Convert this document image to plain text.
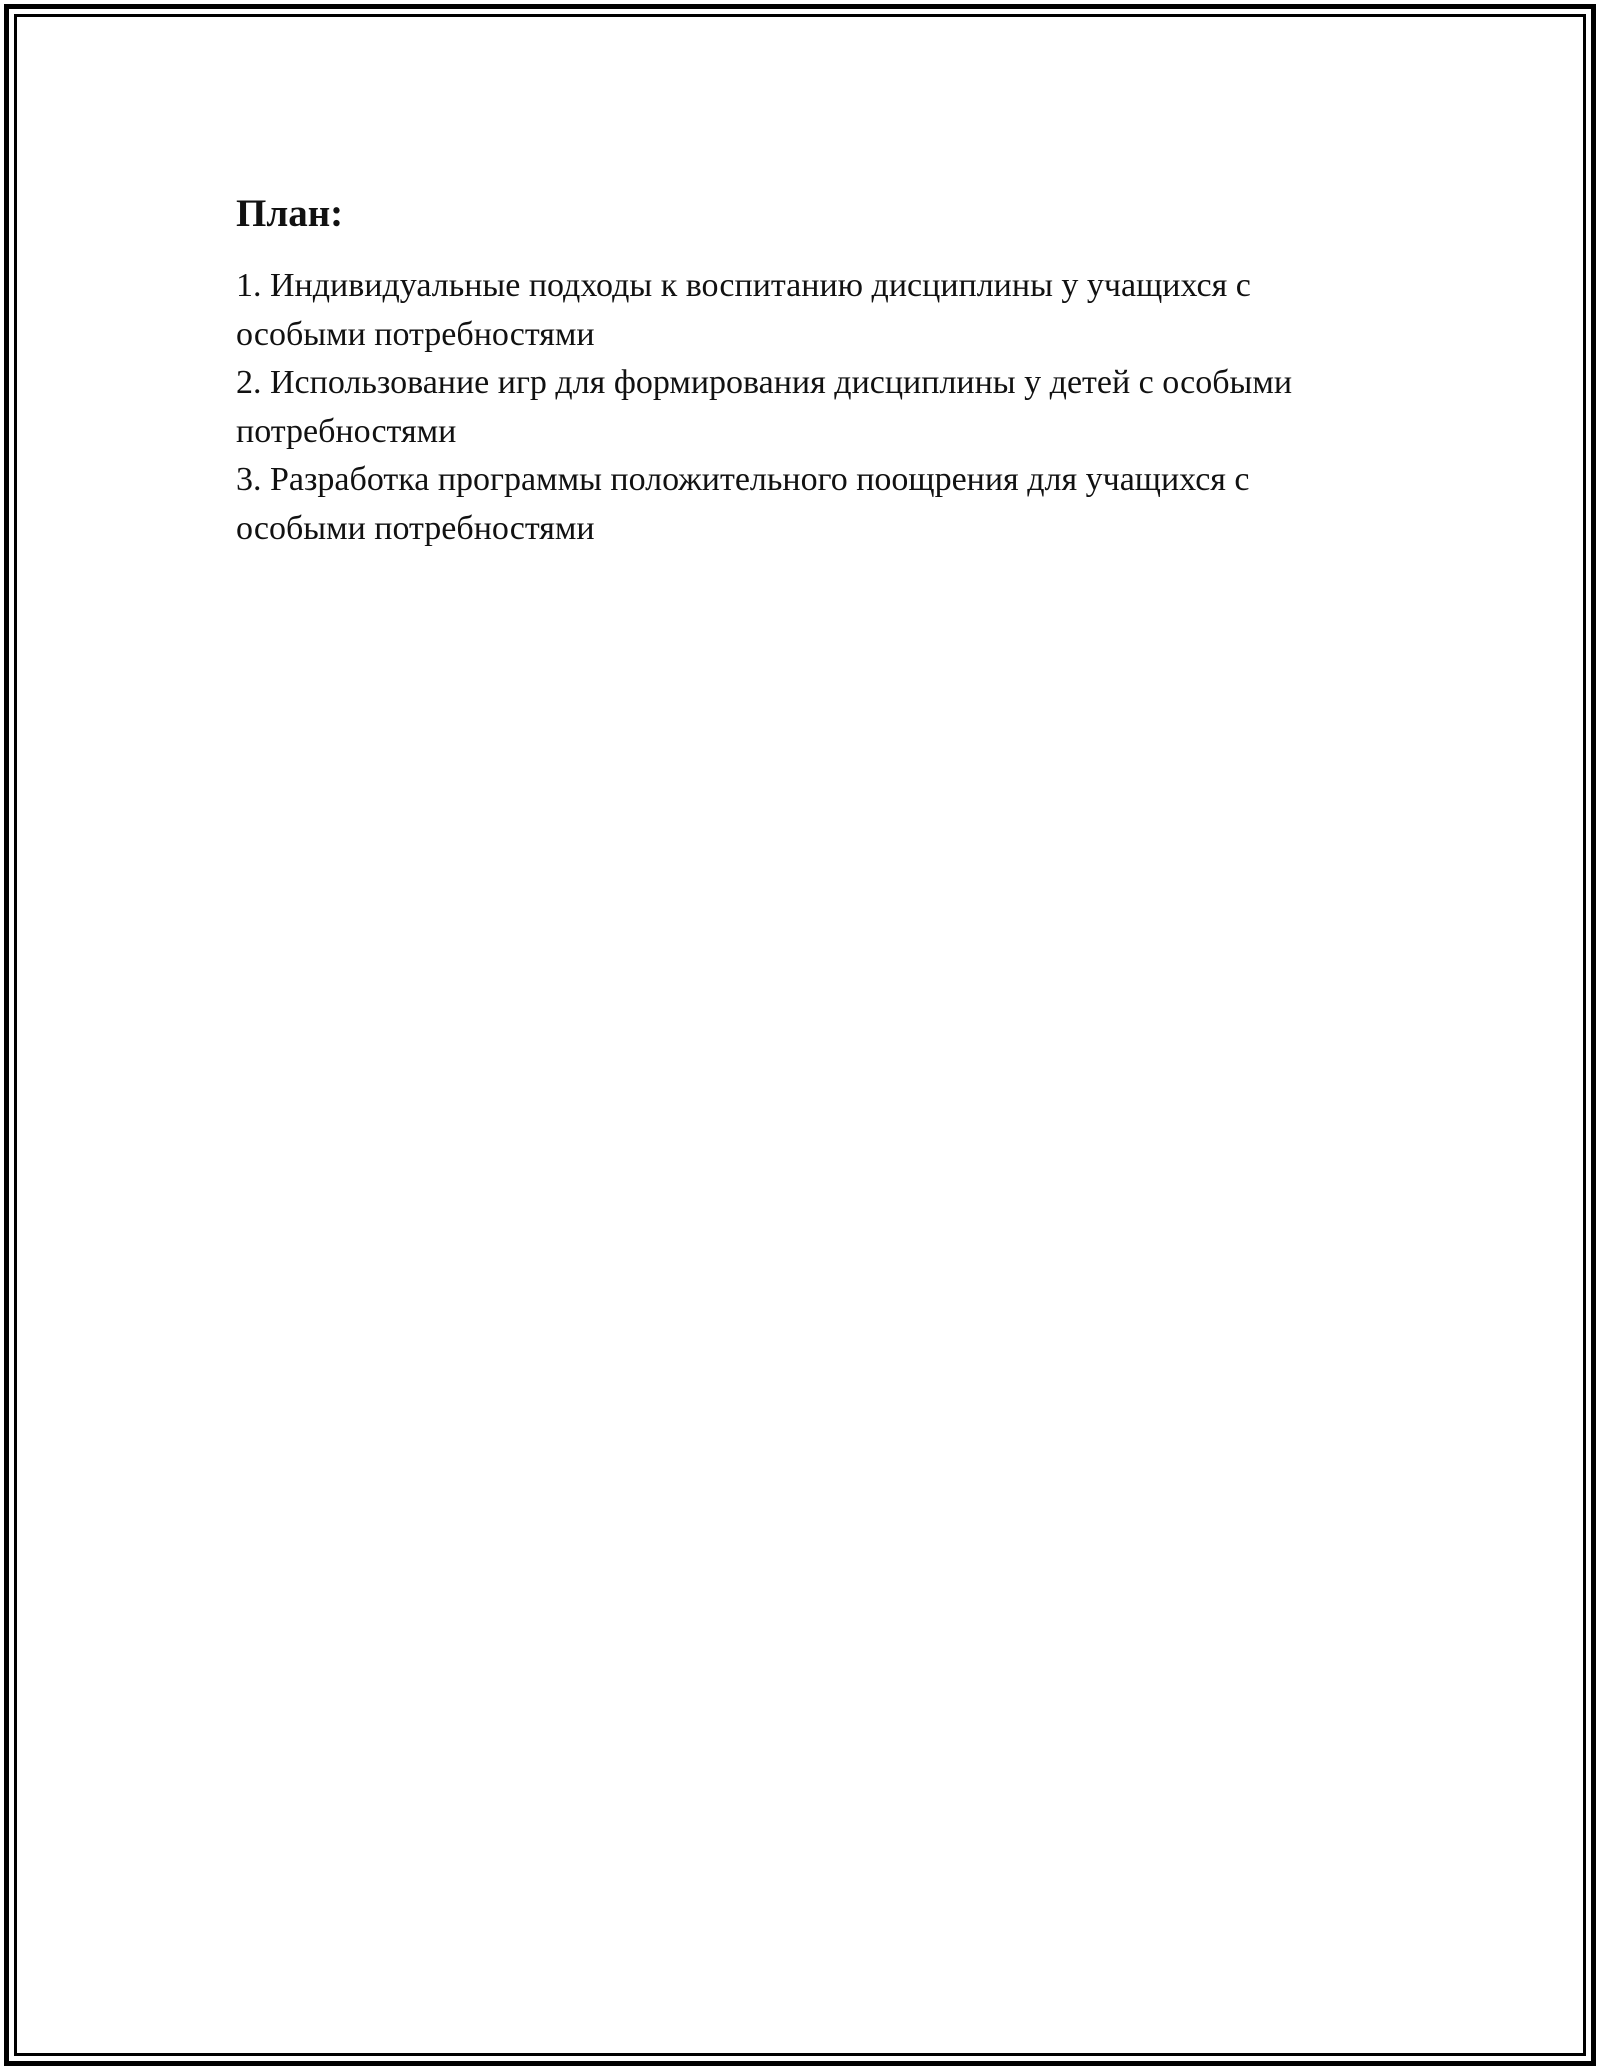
План:
1. Индивидуальные подходы к воспитанию дисциплины у учащихся с особыми потребностями
2. Использование игр для формирования дисциплины у детей с особыми потребностями
3. Разработка программы положительного поощрения для учащихся с особыми потребностями
